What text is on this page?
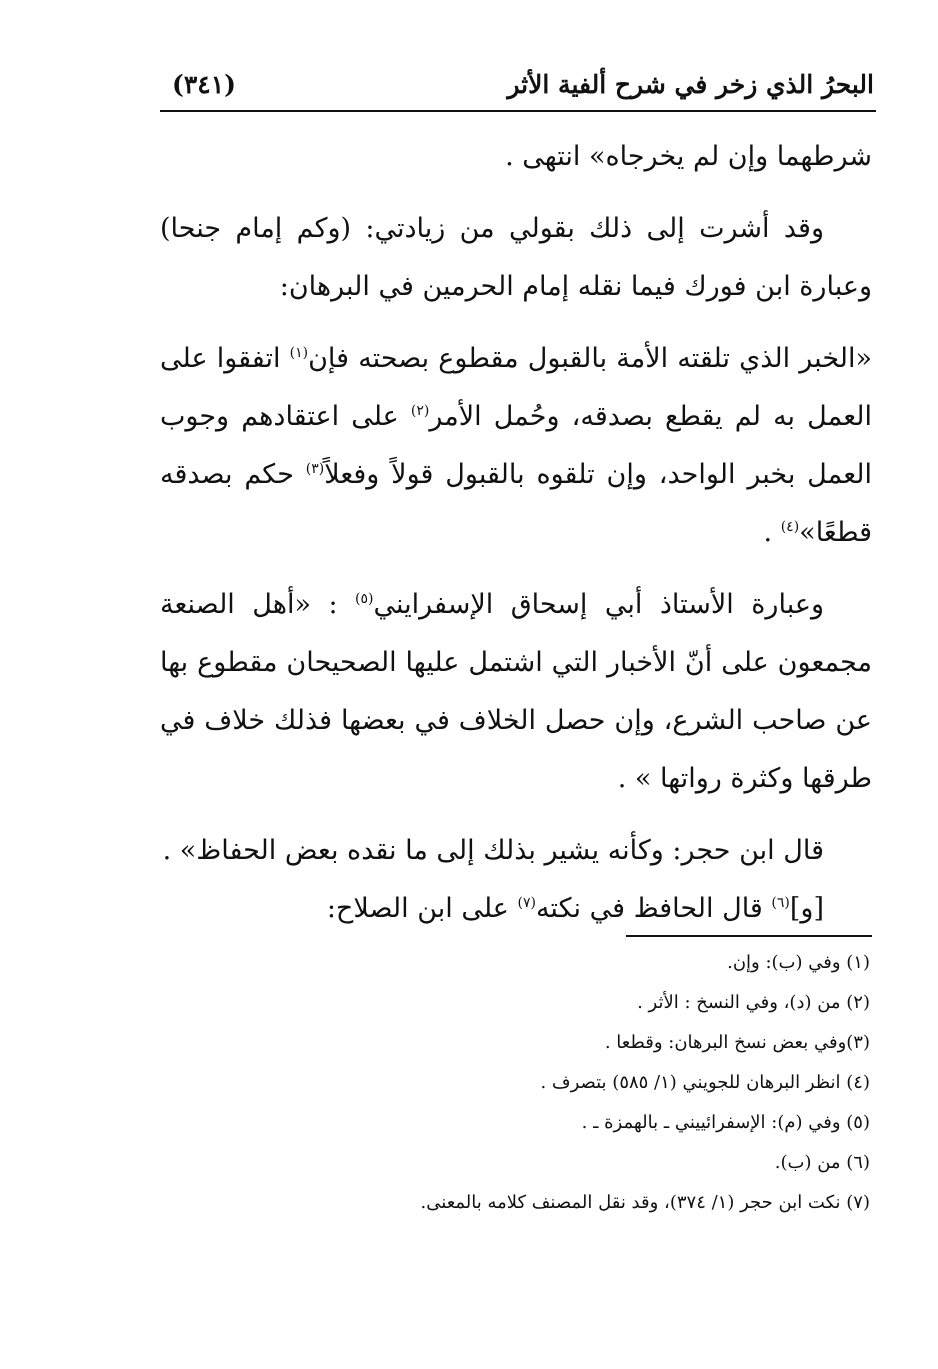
البحرُ الذي زخر في شرح ألفية الأثر
(٣٤١)

شرطهما وإن لم يخرجاه» انتهى .

وقد أشرت إلى ذلك بقولي من زيادتي: (وكم إمام جنحا) وعبارة ابن فورك فيما نقله إمام الحرمين في البرهان:

«الخبر الذي تلقته الأمة بالقبول مقطوع بصحته فإن$^{(١)}$ اتفقوا على العمل به لم يقطع بصدقه، وحُمل الأمر$^{(٢)}$ على اعتقادهم وجوب العمل بخبر الواحد، وإن تلقوه بالقبول قولاً وفعلاً$^{(٣)}$ حكم بصدقه قطعًا»$^{(٤)}$ .

وعبارة الأستاذ أبي إسحاق الإسفرايني$^{(٥)}$ : «أهل الصنعة مجمعون على أنّ الأخبار التي اشتمل عليها الصحيحان مقطوع بها عن صاحب الشرع، وإن حصل الخلاف في بعضها فذلك خلاف في طرقها وكثرة رواتها » .

قال ابن حجر: وكأنه يشير بذلك إلى ما نقده بعض الحفاظ» .

[و]$^{(٦)}$ قال الحافظ في نكته$^{(٧)}$ على ابن الصلاح:

(١) وفي (ب): وإن.
(٢) من (د)، وفي النسخ : الأثر .
(٣)وفي بعض نسخ البرهان: وقطعا .
(٤) انظر البرهان للجويني (١/ ٥٨٥) بتصرف .
(٥) وفي (م): الإسفرائييني ـ بالهمزة ـ .
(٦) من (ب).
(٧) نكت ابن حجر (١/ ٣٧٤)، وقد نقل المصنف كلامه بالمعنى.
